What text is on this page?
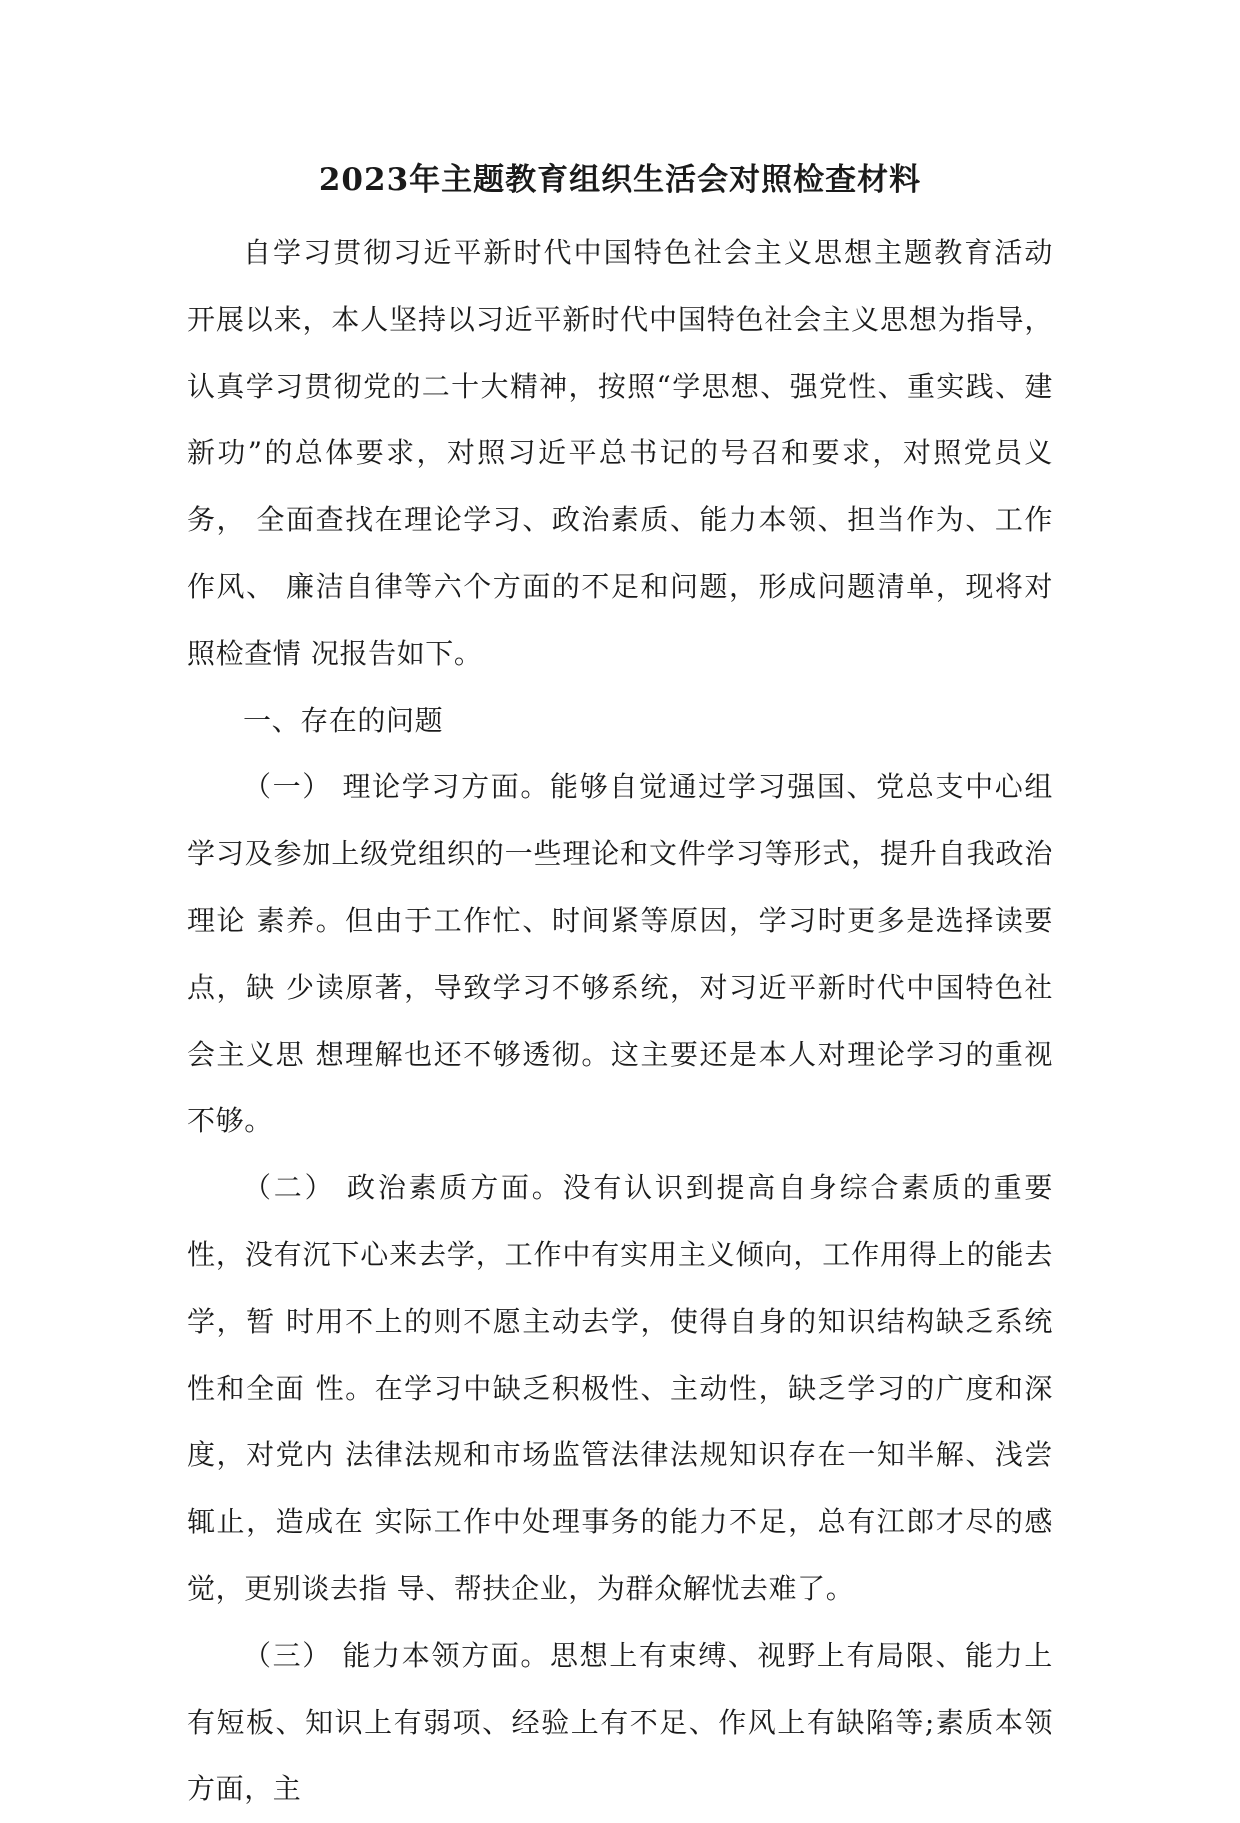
2023年主题教育组织生活会对照检查材料

自学习贯彻习近平新时代中国特色社会主义思想主题教育活动 开展以来，本人坚持以习近平新时代中国特色社会主义思想为指导， 认真学习贯彻党的二十大精神，按照“学思想、强党性、重实践、建 新功”的总体要求，对照习近平总书记的号召和要求，对照党员义务， 全面查找在理论学习、政治素质、能力本领、担当作为、工作作风、 廉洁自律等六个方面的不足和问题，形成问题清单，现将对照检查情 况报告如下。

一、存在的问题

（一） 理论学习方面。能够自觉通过学习强国、党总支中心组学习及参加上级党组织的一些理论和文件学习等形式，提升自我政治理论 素养。但由于工作忙、时间紧等原因，学习时更多是选择读要点，缺 少读原著，导致学习不够系统，对习近平新时代中国特色社会主义思 想理解也还不够透彻。这主要还是本人对理论学习的重视不够。

（二） 政治素质方面。没有认识到提高自身综合素质的重要性，没有沉下心来去学，工作中有实用主义倾向，工作用得上的能去学，暂 时用不上的则不愿主动去学，使得自身的知识结构缺乏系统性和全面 性。在学习中缺乏积极性、主动性，缺乏学习的广度和深度，对党内 法律法规和市场监管法律法规知识存在一知半解、浅尝辄止，造成在 实际工作中处理事务的能力不足，总有江郎才尽的感觉，更别谈去指 导、帮扶企业，为群众解忧去难了。

（三） 能力本领方面。思想上有束缚、视野上有局限、能力上有短板、知识上有弱项、经验上有不足、作风上有缺陷等;素质本领方面，主
